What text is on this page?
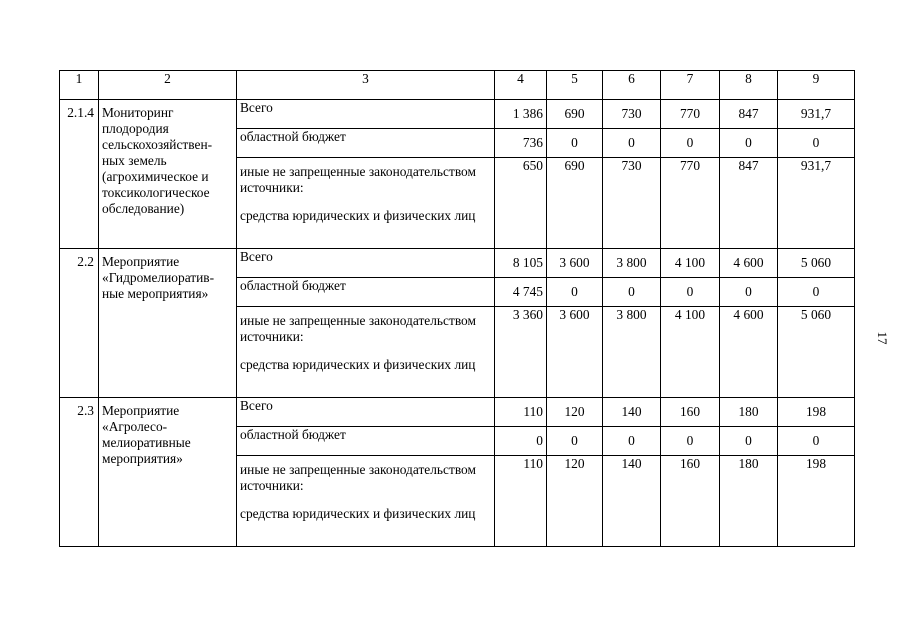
1	2	3	4	5	6	7	8	9
2.1.4	Мониторинг плодородия сельскохозяйствен-ных земель (агрохимическое и токсикологическое обследование)	Всего	1 386	690	730	770	847	931,7
		областной бюджет	736	0	0	0	0	0

		иные не запрещенные законодательством источники:
средства юридических и физических лиц	650	690	730	770	847	931,7
2.2	Мероприятие «Гидромелиоратив-ные мероприятия»	Всего	8 105	3 600	3 800	4 100	4 600	5 060
		областной бюджет	4 745	0	0	0	0	0

		иные не запрещенные законодательством источники:
средства юридических и физических лиц	3 360	3 600	3 800	4 100	4 600	5 060
2.3	Мероприятие «Агролесо-мелиоративные мероприятия»	Всего	110	120	140	160	180	198
		областной бюджет	0	0	0	0	0	0

		иные не запрещенные законодательством источники:
средства юридических и физических лиц	110	120	140	160	180	198
17
